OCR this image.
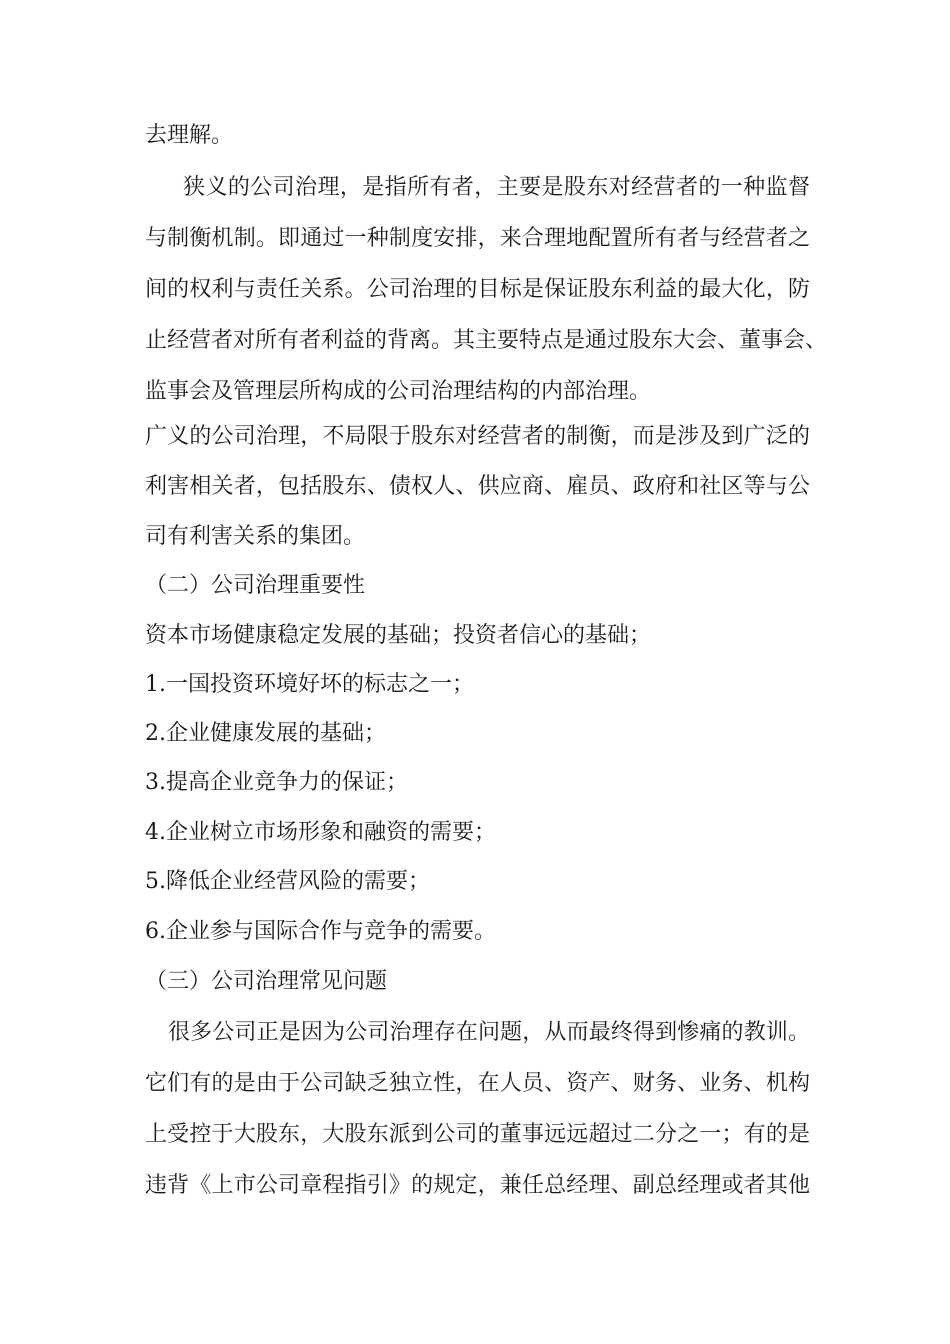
去理解。
狭义的公司治理，是指所有者，主要是股东对经营者的一种监督
与制衡机制。即通过一种制度安排，来合理地配置所有者与经营者之
间的权利与责任关系。公司治理的目标是保证股东利益的最大化，防
止经营者对所有者利益的背离。其主要特点是通过股东大会、董事会、
监事会及管理层所构成的公司治理结构的内部治理。
广义的公司治理，不局限于股东对经营者的制衡，而是涉及到广泛的
利害相关者，包括股东、债权人、供应商、雇员、政府和社区等与公
司有利害关系的集团。
（二）公司治理重要性
资本市场健康稳定发展的基础；投资者信心的基础；
1.一国投资环境好坏的标志之一；
2.企业健康发展的基础；
3.提高企业竞争力的保证；
4.企业树立市场形象和融资的需要；
5.降低企业经营风险的需要；
6.企业参与国际合作与竞争的需要。
（三）公司治理常见问题
很多公司正是因为公司治理存在问题，从而最终得到惨痛的教训。
它们有的是由于公司缺乏独立性，在人员、资产、财务、业务、机构
上受控于大股东，大股东派到公司的董事远远超过二分之一；有的是
违背《上市公司章程指引》的规定，兼任总经理、副总经理或者其他
